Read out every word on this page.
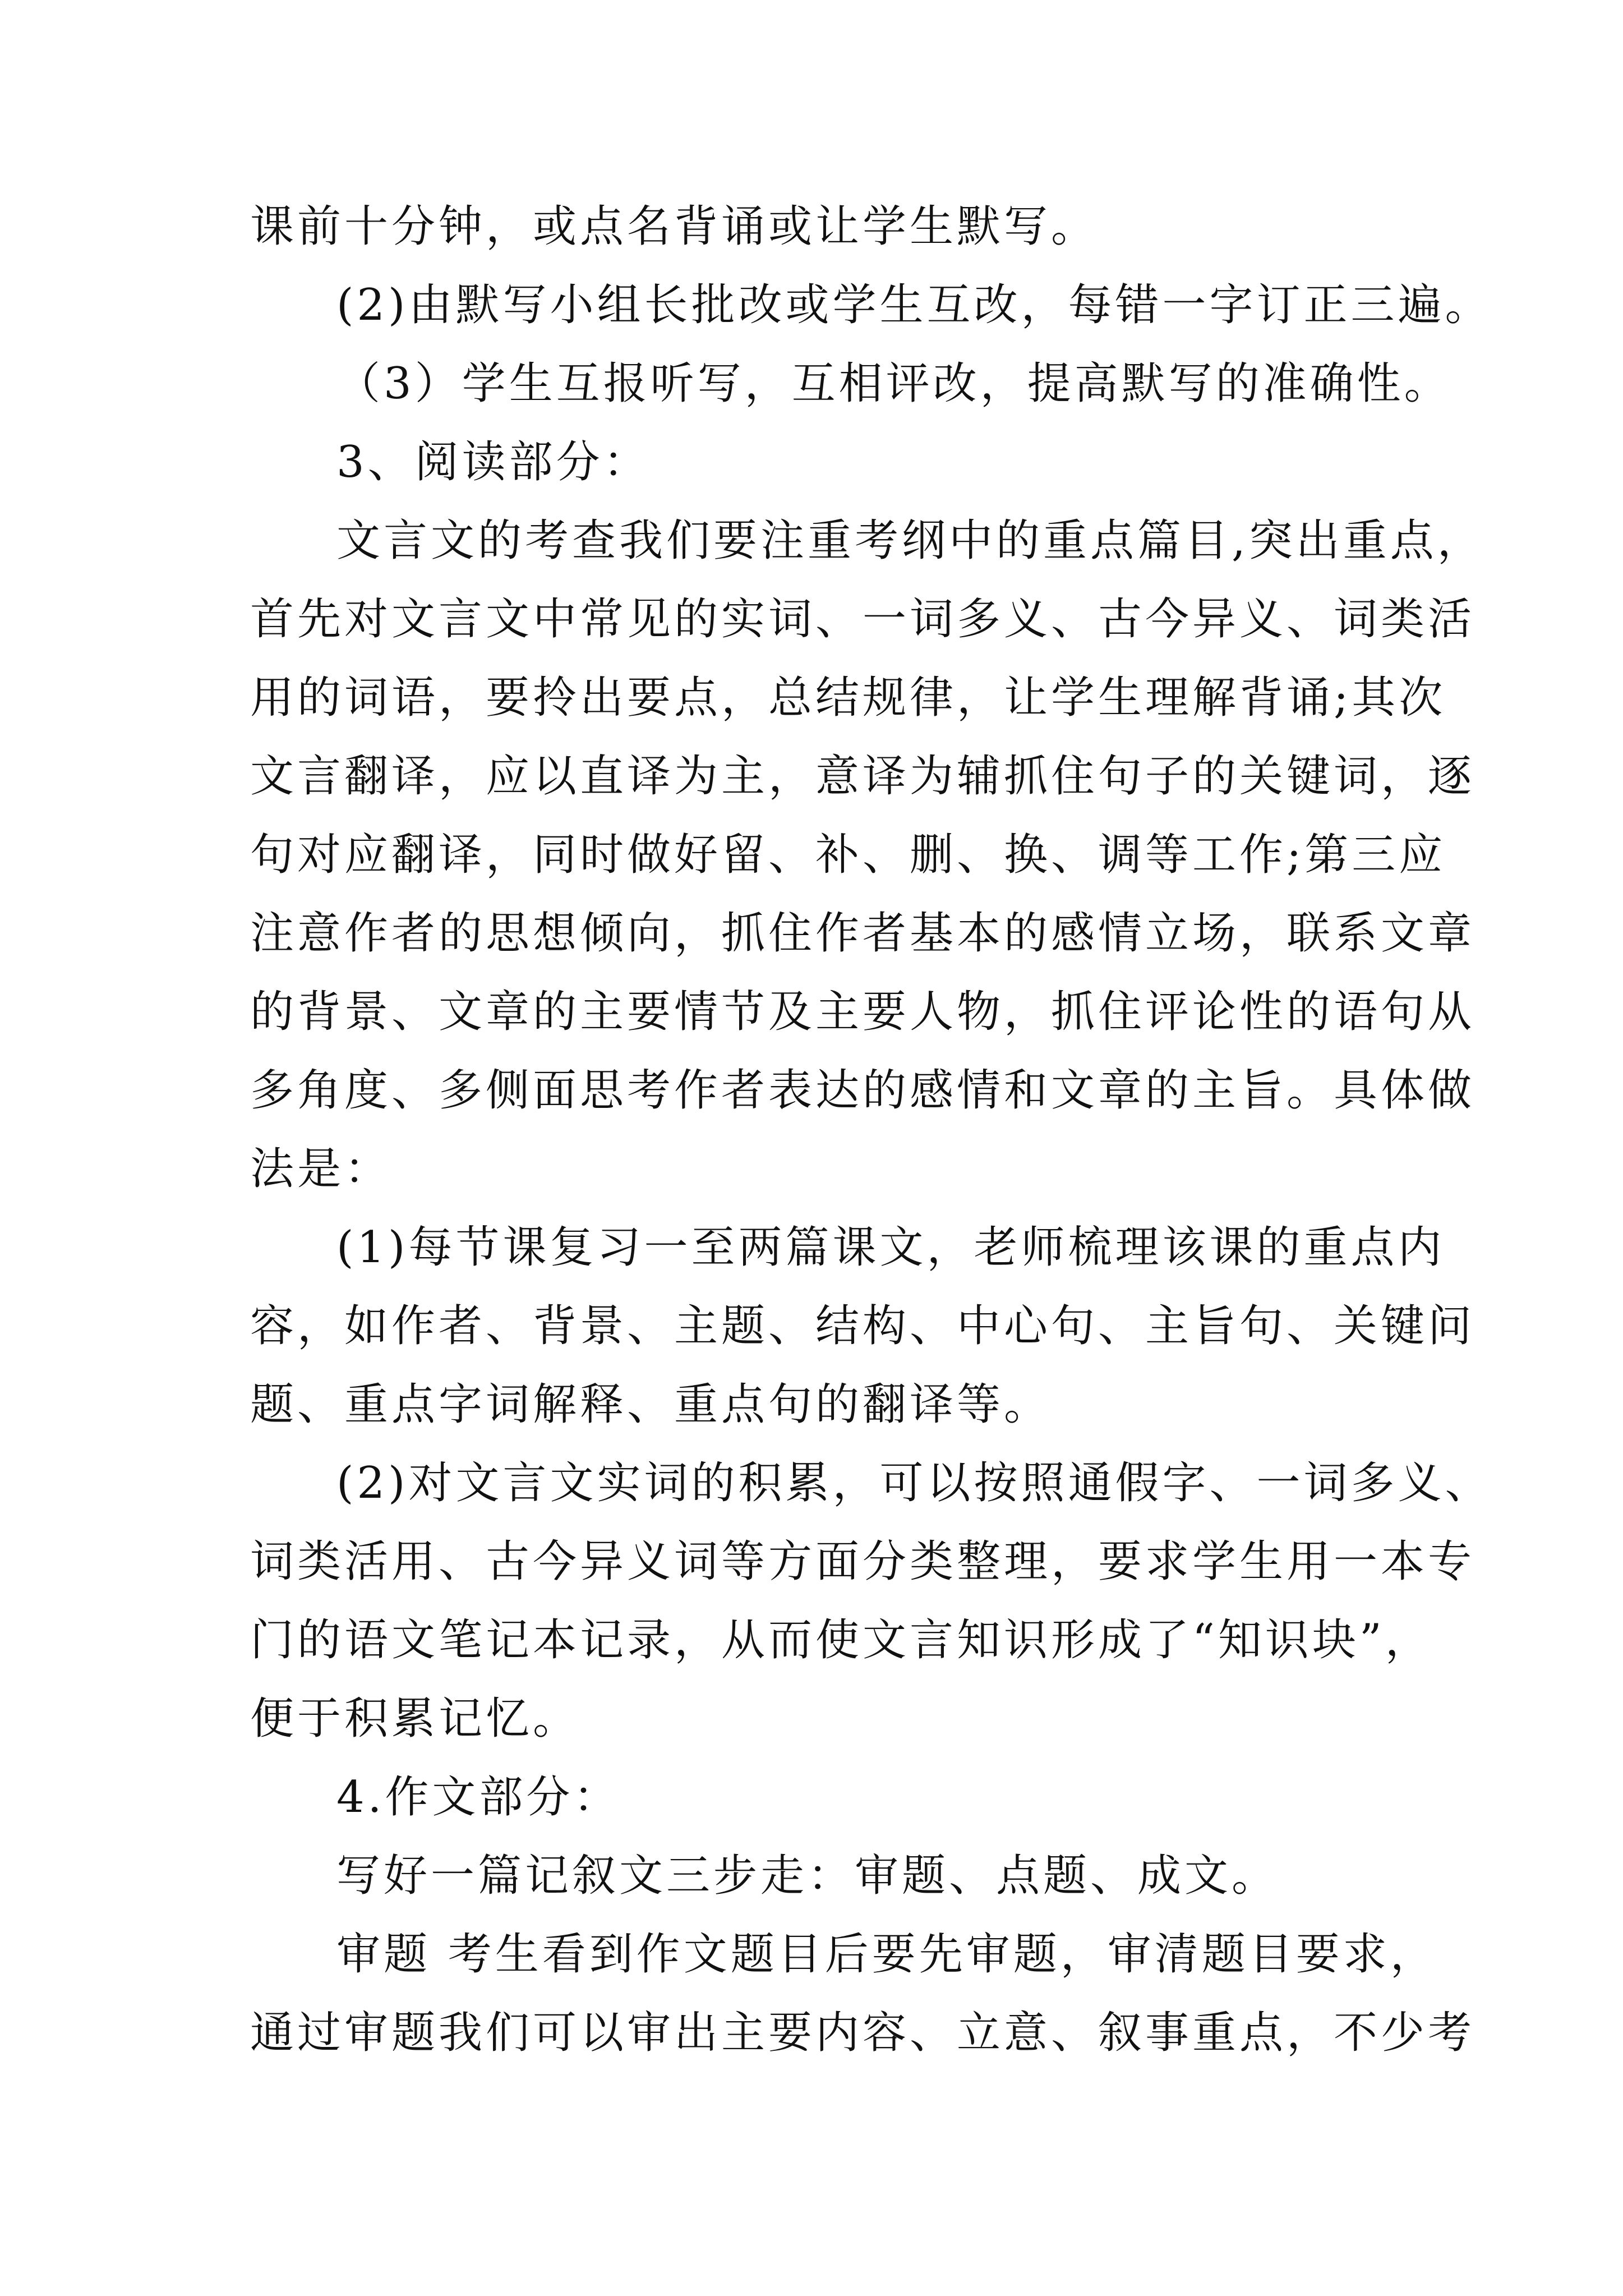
课前十分钟，或点名背诵或让学生默写。
(2)由默写小组长批改或学生互改，每错一字订正三遍。
（3）学生互报听写，互相评改，提高默写的准确性。
3、阅读部分：
文言文的考查我们要注重考纲中的重点篇目,突出重点，
首先对文言文中常见的实词、一词多义、古今异义、词类活
用的词语，要拎出要点，总结规律，让学生理解背诵;其次
文言翻译，应以直译为主，意译为辅抓住句子的关键词，逐
句对应翻译，同时做好留、补、删、换、调等工作;第三应
注意作者的思想倾向，抓住作者基本的感情立场，联系文章
的背景、文章的主要情节及主要人物，抓住评论性的语句从
多角度、多侧面思考作者表达的感情和文章的主旨。具体做
法是：
(1)每节课复习一至两篇课文，老师梳理该课的重点内
容，如作者、背景、主题、结构、中心句、主旨句、关键问
题、重点字词解释、重点句的翻译等。
(2)对文言文实词的积累，可以按照通假字、一词多义、
词类活用、古今异义词等方面分类整理，要求学生用一本专
门的语文笔记本记录，从而使文言知识形成了“知识块”，
便于积累记忆。
4.作文部分：
写好一篇记叙文三步走：审题、点题、成文。
审题 考生看到作文题目后要先审题，审清题目要求，
通过审题我们可以审出主要内容、立意、叙事重点，不少考
